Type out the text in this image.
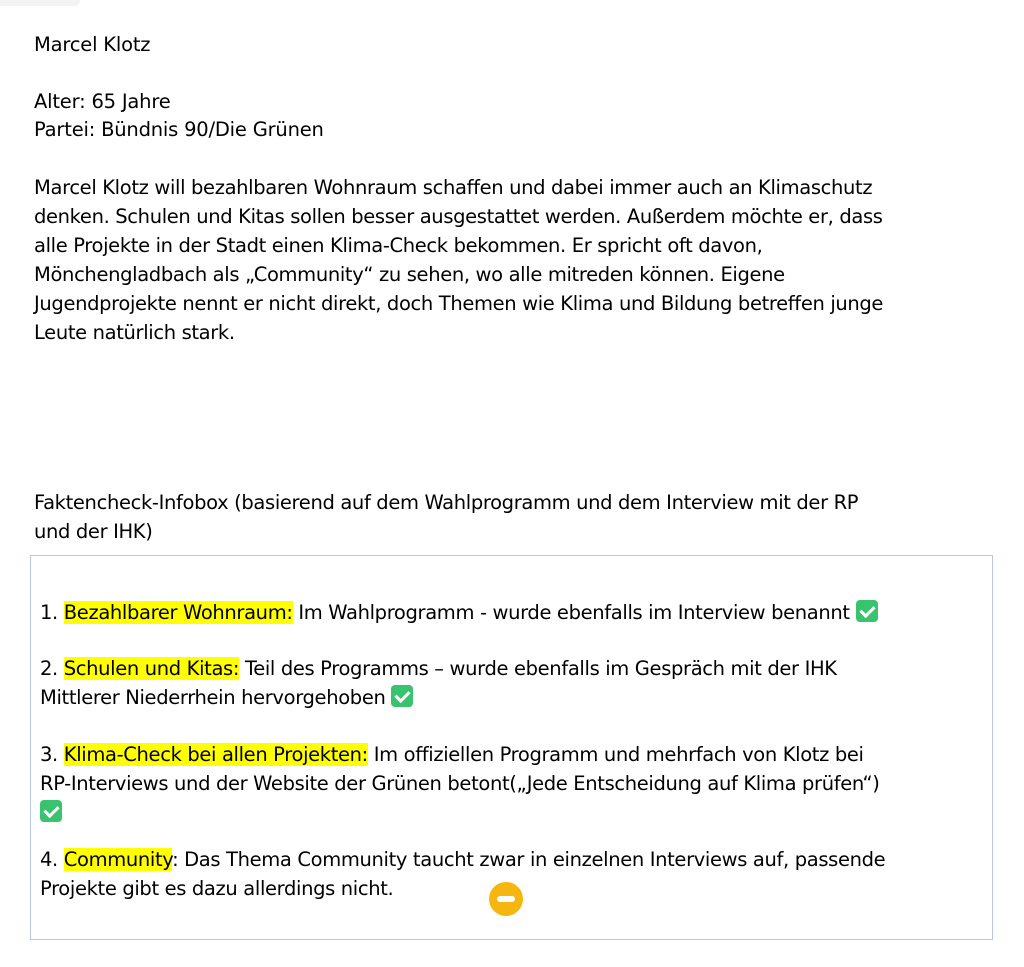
Marcel Klotz
Alter: 65 Jahre
Partei: Bündnis 90/Die Grünen
Marcel Klotz will bezahlbaren Wohnraum schaffen und dabei immer auch an Klimaschutz
denken. Schulen und Kitas sollen besser ausgestattet werden. Außerdem möchte er, dass
alle Projekte in der Stadt einen Klima-Check bekommen. Er spricht oft davon,
Mönchengladbach als „Community“ zu sehen, wo alle mitreden können. Eigene
Jugendprojekte nennt er nicht direkt, doch Themen wie Klima und Bildung betreffen junge
Leute natürlich stark.
Faktencheck-Infobox (basierend auf dem Wahlprogramm und dem Interview mit der RP
und der IHK)
1. Bezahlbarer Wohnraum: Im Wahlprogramm - wurde ebenfalls im Interview benannt
2. Schulen und Kitas: Teil des Programms – wurde ebenfalls im Gespräch mit der IHK
Mittlerer Niederrhein hervorgehoben
3. Klima-Check bei allen Projekten: Im offiziellen Programm und mehrfach von Klotz bei
RP-Interviews und der Website der Grünen betont(„Jede Entscheidung auf Klima prüfen“)
4. Community: Das Thema Community taucht zwar in einzelnen Interviews auf, passende
Projekte gibt es dazu allerdings nicht.
